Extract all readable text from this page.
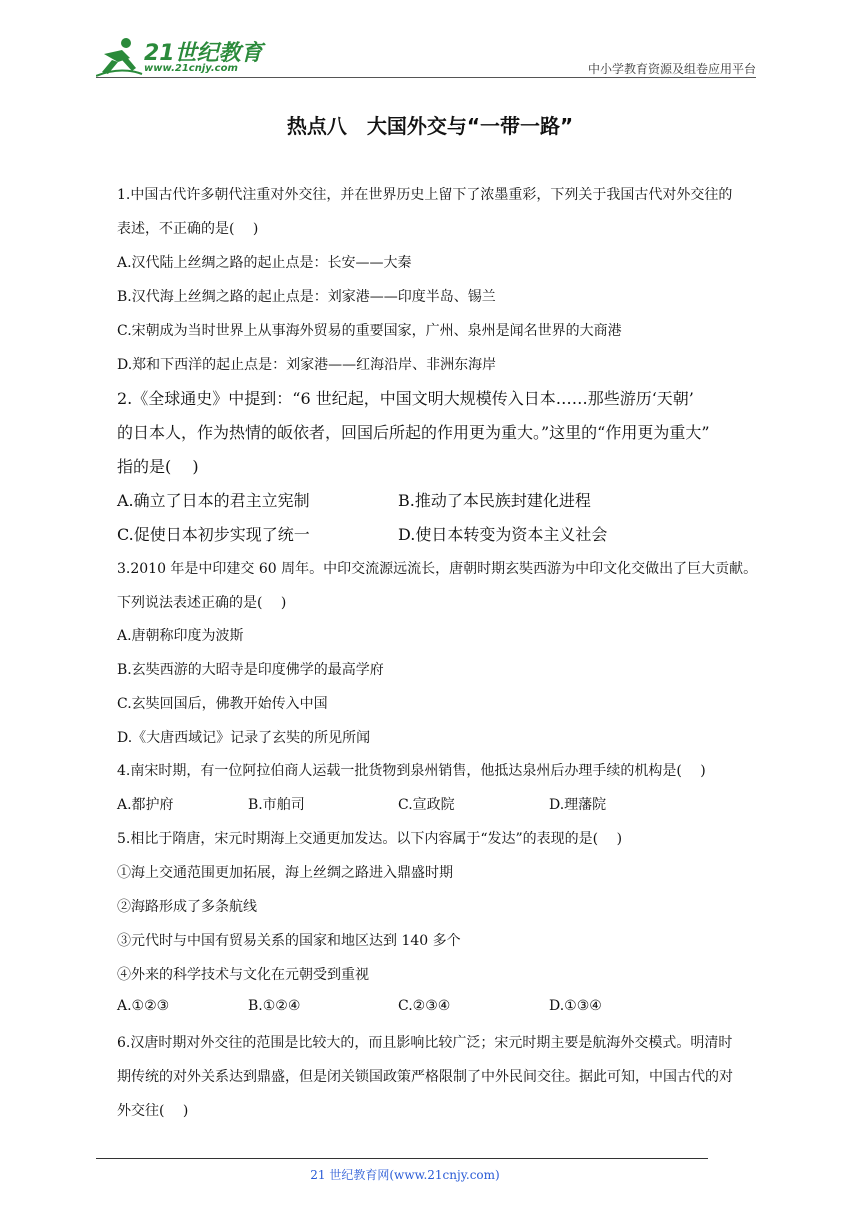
21世纪教育
www.21cnjy.com	中小学教育资源及组卷应用平台
热点八　大国外交与“一带一路”
1.中国古代许多朝代注重对外交往，并在世界历史上留下了浓墨重彩，下列关于我国古代对外交往的
表述，不正确的是(　 )
A.汉代陆上丝绸之路的起止点是：长安——大秦
B.汉代海上丝绸之路的起止点是：刘家港——印度半岛、锡兰
C.宋朝成为当时世界上从事海外贸易的重要国家，广州、泉州是闻名世界的大商港
D.郑和下西洋的起止点是：刘家港——红海沿岸、非洲东海岸
2.《全球通史》中提到：“6 世纪起，中国文明大规模传入日本……那些游历‘天朝’
的日本人，作为热情的皈依者，回国后所起的作用更为重大。”这里的“作用更为重大”
指的是(　 )
A.确立了日本的君主立宪制	B.推动了本民族封建化进程
C.促使日本初步实现了统一	D.使日本转变为资本主义社会
3.2010 年是中印建交 60 周年。中印交流源远流长，唐朝时期玄奘西游为中印文化交做出了巨大贡献。
下列说法表述正确的是(　 )
A.唐朝称印度为波斯
B.玄奘西游的大昭寺是印度佛学的最高学府
C.玄奘回国后，佛教开始传入中国
D.《大唐西域记》记录了玄奘的所见所闻
4.南宋时期，有一位阿拉伯商人运载一批货物到泉州销售，他抵达泉州后办理手续的机构是(　 )
A.都护府	B.市舶司	C.宣政院	D.理藩院
5.相比于隋唐，宋元时期海上交通更加发达。以下内容属于“发达”的表现的是(　 )
①海上交通范围更加拓展，海上丝绸之路进入鼎盛时期
②海路形成了多条航线
③元代时与中国有贸易关系的国家和地区达到 140 多个
④外来的科学技术与文化在元朝受到重视
A.①②③	B.①②④	C.②③④	D.①③④
6.汉唐时期对外交往的范围是比较大的，而且影响比较广泛；宋元时期主要是航海外交模式。明清时
期传统的对外关系达到鼎盛，但是闭关锁国政策严格限制了中外民间交往。据此可知，中国古代的对
外交往(　 )
21 世纪教育网(www.21cnjy.com)
